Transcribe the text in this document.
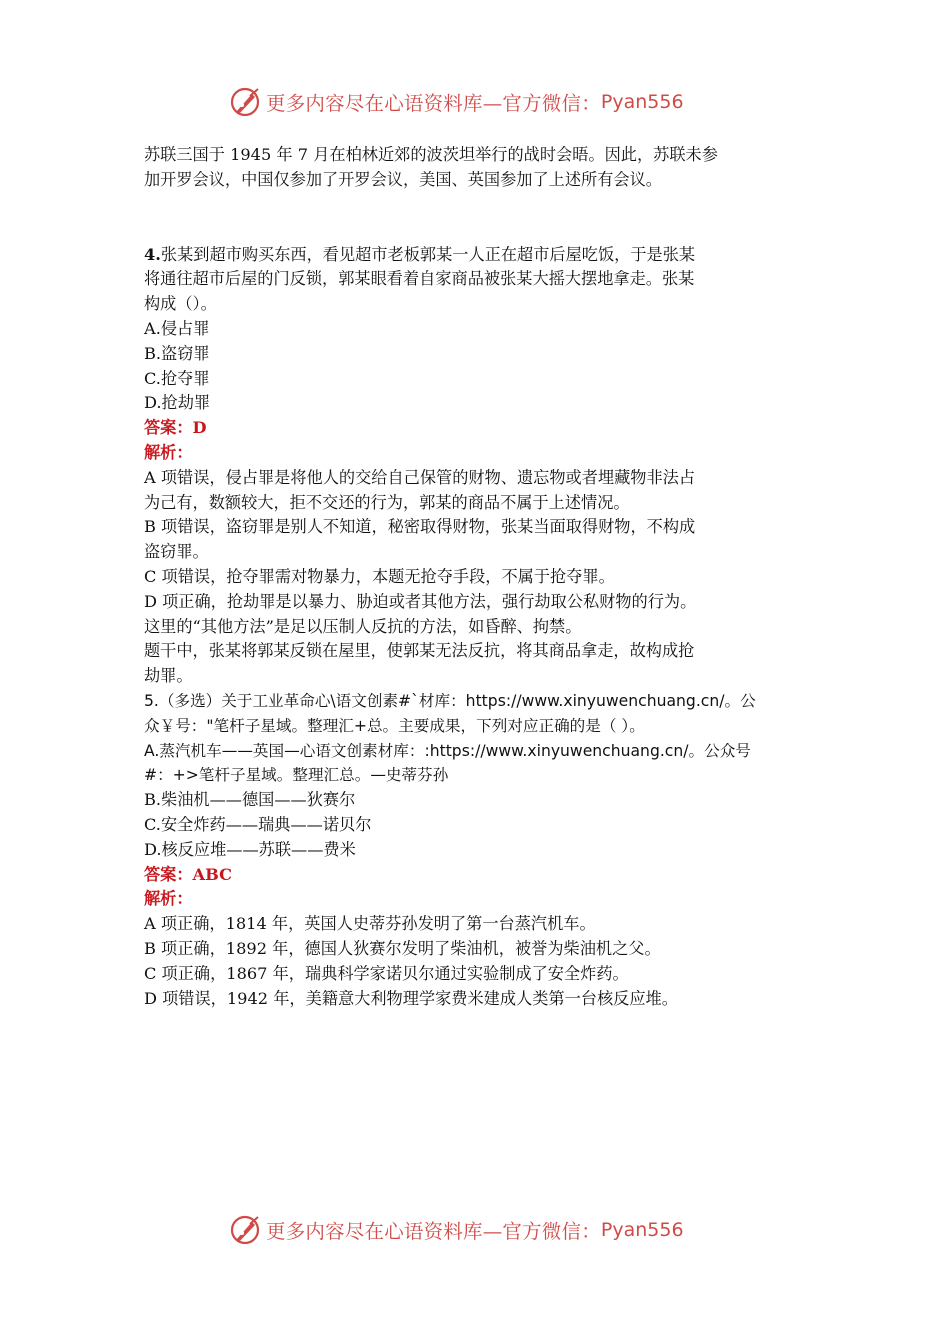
更多内容尽在心语资料库—官方微信： Pyan556
苏联三国于 1945 年 7 月在柏林近郊的波茨坦举行的战时会晤。因此，苏联未参
加开罗会议，中国仅参加了开罗会议，美国、英国参加了上述所有会议。
4.张某到超市购买东西，看见超市老板郭某一人正在超市后屋吃饭，于是张某
将通往超市后屋的门反锁，郭某眼看着自家商品被张某大摇大摆地拿走。张某
构成（）。
A.侵占罪
B.盗窃罪
C.抢夺罪
D.抢劫罪
答案：D
解析：
A 项错误，侵占罪是将他人的交给自己保管的财物、遗忘物或者埋藏物非法占
为己有，数额较大，拒不交还的行为，郭某的商品不属于上述情况。
B 项错误，盗窃罪是别人不知道，秘密取得财物，张某当面取得财物，不构成
盗窃罪。
C 项错误，抢夺罪需对物暴力，本题无抢夺手段，不属于抢夺罪。
D 项正确，抢劫罪是以暴力、胁迫或者其他方法，强行劫取公私财物的行为。
这里的“其他方法”是足以压制人反抗的方法，如昏醉、拘禁。
题干中，张某将郭某反锁在屋里，使郭某无法反抗，将其商品拿走，故构成抢
劫罪。
5.（多选）关于工业革命心\语文创素#`材库：https://www.xinyuwenchuang.cn/。公
众￥号："笔杆子星域。整理汇+总。主要成果，下列对应正确的是（ ）。
A.蒸汽机车——英国—心语文创素材库：:https://www.xinyuwenchuang.cn/。公众号
#：+>笔杆子星域。整理汇总。—史蒂芬孙
B.柴油机——德国——狄赛尔
C.安全炸药——瑞典——诺贝尔
D.核反应堆——苏联——费米
答案：ABC
解析：
A 项正确，1814 年，英国人史蒂芬孙发明了第一台蒸汽机车。
B 项正确，1892 年，德国人狄赛尔发明了柴油机，被誉为柴油机之父。
C 项正确，1867 年，瑞典科学家诺贝尔通过实验制成了安全炸药。
D 项错误，1942 年，美籍意大利物理学家费米建成人类第一台核反应堆。
更多内容尽在心语资料库—官方微信： Pyan556
